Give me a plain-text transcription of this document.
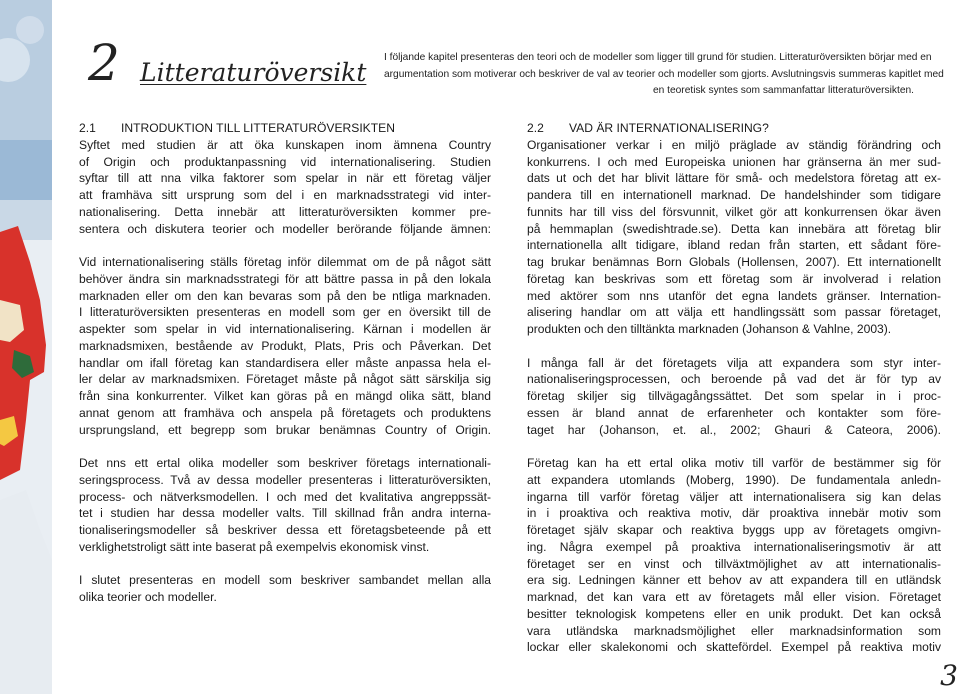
2 Litteraturöversikt
I följande kapitel presenteras den teori och de modeller som ligger till grund för studien. Litteraturöversikten börjar med en
argumentation som motiverar och beskriver de val av teorier och modeller som gjorts. Avslutningsvis summeras kapitlet med
en teoretisk syntes som sammanfattar litteraturöversikten.
2.1 INTRODUKTION TILL LITTERATURÖVERSIKTEN

Syftet med studien är att öka kunskapen inom ämnena Country
of Origin och produktanpassning vid internationalisering. Studien
syftar till att nna vilka faktorer som spelar in när ett företag väljer
att framhäva sitt ursprung som del i en marknadsstrategi vid inter-
nationalisering. Detta innebär att litteraturöversikten kommer pre-
sentera och diskutera teorier och modeller berörande följande ämnen:

Vid internationalisering ställs företag inför dilemmat om de på något sätt
behöver ändra sin marknadsstrategi för att bättre passa in på den lokala
marknaden eller om den kan bevaras som på den be ntliga marknaden.
I litteraturöversikten presenteras en modell som ger en översikt till de
aspekter som spelar in vid internationalisering. Kärnan i modellen är
marknadsmixen, bestående av Produkt, Plats, Pris och Påverkan. Det
handlar om ifall företag kan standardisera eller måste anpassa hela el-
ler delar av marknadsmixen. Företaget måste på något sätt särskilja sig
från sina konkurrenter. Vilket kan göras på en mängd olika sätt, bland
annat genom att framhäva och anspela på företagets och produktens
ursprungsland, ett begrepp som brukar benämnas Country of Origin.

Det nns ett ertal olika modeller som beskriver företags internationali-
seringsprocess. Två av dessa modeller presenteras i litteraturöversikten,
process- och nätverksmodellen. I och med det kvalitativa angreppssät-
tet i studien har dessa modeller valts. Till skillnad från andra interna-
tionaliseringsmodeller så beskriver dessa ett företagsbeteende på ett
verklighetstroligt sätt inte baserat på exempelvis ekonomisk vinst.

I slutet presenteras en modell som beskriver sambandet mellan alla
olika teorier och modeller.

2.2 VAD ÄR INTERNATIONALISERING?

Organisationer verkar i en miljö präglade av ständig förändring och
konkurrens. I och med Europeiska unionen har gränserna än mer sud-
dats ut och det har blivit lättare för små- och medelstora företag att ex-
pandera till en internationell marknad. De handelshinder som tidigare
funnits har till viss del försvunnit, vilket gör att konkurrensen ökar även
på hemmaplan (swedishtrade.se). Detta kan innebära att företag blir
internationella allt tidigare, ibland redan från starten, ett sådant före-
tag brukar benämnas Born Globals (Hollensen, 2007). Ett internationellt
företag kan beskrivas som ett företag som är involverad i relation
med aktörer som nns utanför det egna landets gränser. Internation-
alisering handlar om att välja ett handlingssätt som passar företaget,
produkten och den tilltänkta marknaden (Johanson & Vahlne, 2003).

I många fall är det företagets vilja att expandera som styr inter-
nationaliseringsprocessen, och beroende på vad det är för typ av
företag skiljer sig tillvägagångssättet. Det som spelar in i proc-
essen är bland annat de erfarenheter och kontakter som före-
taget har (Johanson, et. al., 2002; Ghauri & Cateora, 2006).

Företag kan ha ett ertal olika motiv till varför de bestämmer sig för
att expandera utomlands (Moberg, 1990). De fundamentala anledn-
ingarna till varför företag väljer att internationalisera sig kan delas
in i proaktiva och reaktiva motiv, där proaktiva innebär motiv som
företaget själv skapar och reaktiva byggs upp av företagets omgivn-
ing. Några exempel på proaktiva internationaliseringsmotiv är att
företaget ser en vinst och tillväxtmöjlighet av att internationalis-
era sig. Ledningen känner ett behov av att expandera till en utländsk
marknad, det kan vara ett av företagets mål eller vision. Företaget
besitter teknologisk kompetens eller en unik produkt. Det kan också
vara utländska marknadsmöjlighet eller marknadsinformation som
lockar eller skalekonomi och skattefördel. Exempel på reaktiva motiv

3
